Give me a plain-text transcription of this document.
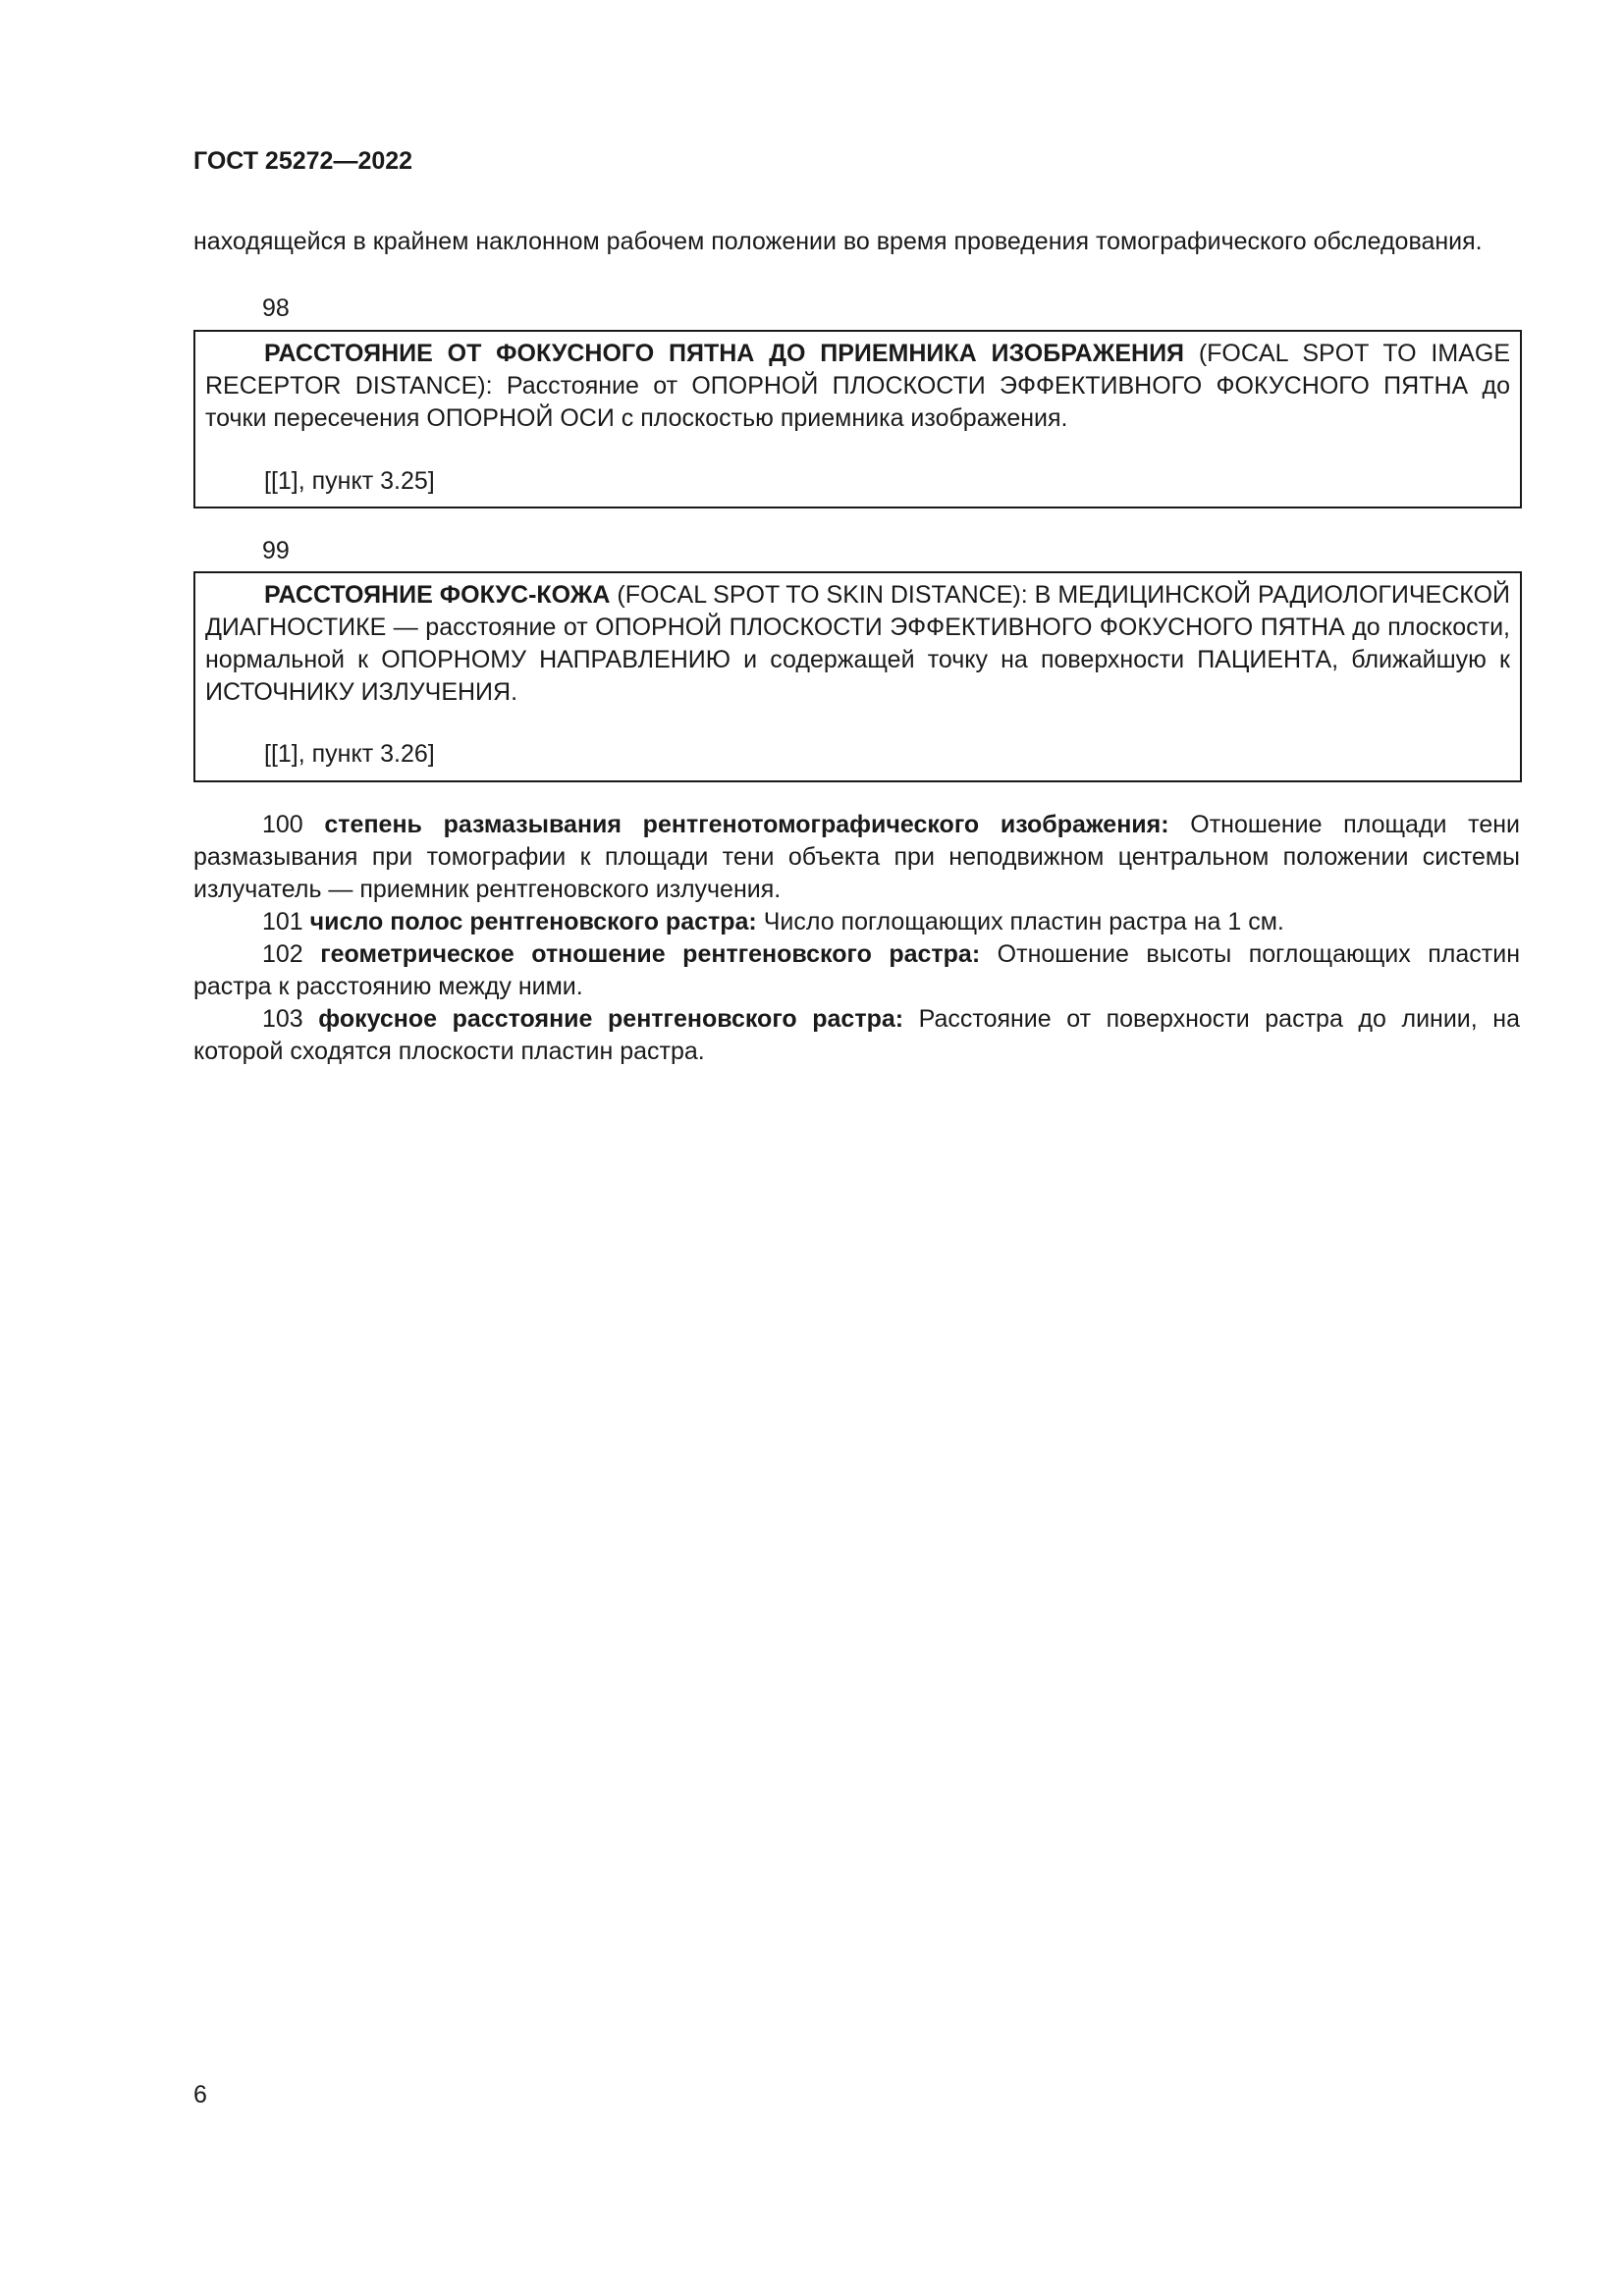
ГОСТ 25272—2022
находящейся в крайнем наклонном рабочем положении во время проведения томографического обследования.
98
РАССТОЯНИЕ ОТ ФОКУСНОГО ПЯТНА ДО ПРИЕМНИКА ИЗОБРАЖЕНИЯ (FOCAL SPOT TO IMAGE RECEPTOR DISTANCE): Расстояние от ОПОРНОЙ ПЛОСКОСТИ ЭФФЕКТИВНОГО ФОКУСНОГО ПЯТНА до точки пересечения ОПОРНОЙ ОСИ с плоскостью приемника изображения.
[[1], пункт 3.25]
99
РАССТОЯНИЕ ФОКУС-КОЖА (FOCAL SPOT TO SKIN DISTANCE): В МЕДИЦИНСКОЙ РАДИОЛОГИЧЕСКОЙ ДИАГНОСТИКЕ — расстояние от ОПОРНОЙ ПЛОСКОСТИ ЭФФЕКТИВНОГО ФОКУСНОГО ПЯТНА до плоскости, нормальной к ОПОРНОМУ НАПРАВЛЕНИЮ и содержащей точку на поверхности ПАЦИЕНТА, ближайшую к ИСТОЧНИКУ ИЗЛУЧЕНИЯ.
[[1], пункт 3.26]
100 степень размазывания рентгенотомографического изображения: Отношение площади тени размазывания при томографии к площади тени объекта при неподвижном центральном положении системы излучатель — приемник рентгеновского излучения.
101 число полос рентгеновского растра: Число поглощающих пластин растра на 1 см.
102 геометрическое отношение рентгеновского растра: Отношение высоты поглощающих пластин растра к расстоянию между ними.
103 фокусное расстояние рентгеновского растра: Расстояние от поверхности растра до линии, на которой сходятся плоскости пластин растра.
6
